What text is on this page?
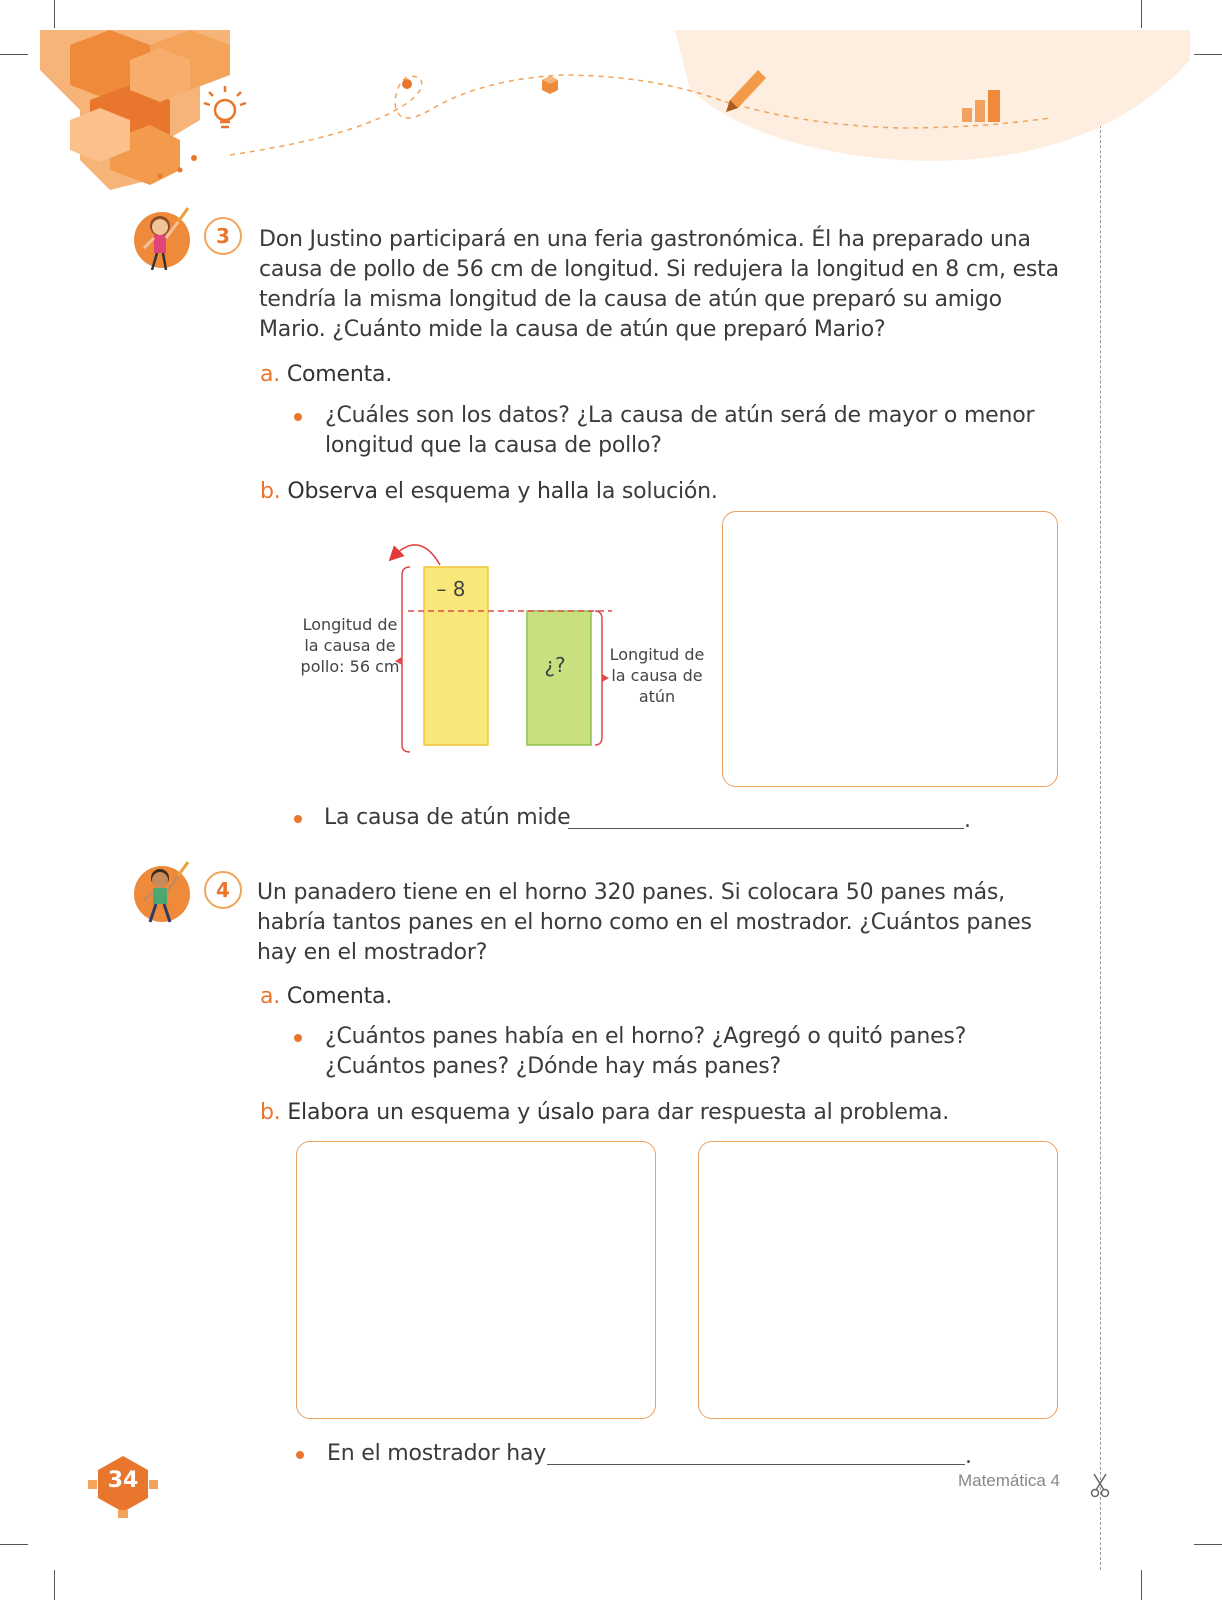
3	Don Justino participará en una feria gastronómica. Él ha preparado una causa de pollo de 56 cm de longitud. Si redujera la longitud en 8 cm, esta tendría la misma longitud de la causa de atún que preparó su amigo Mario. ¿Cuánto mide la causa de atún que preparó Mario?
a. Comenta.
¿Cuáles son los datos? ¿La causa de atún será de mayor o menor longitud que la causa de pollo?
b. Observa el esquema y halla la solución.
– 8
¿?
Longitud de la causa de pollo: 56 cm
Longitud de la causa de atún
La causa de atún mide	.
4	Un panadero tiene en el horno 320 panes. Si colocara 50 panes más, habría tantos panes en el horno como en el mostrador. ¿Cuántos panes hay en el mostrador?
a. Comenta.
¿Cuántos panes había en el horno? ¿Agregó o quitó panes? ¿Cuántos panes? ¿Dónde hay más panes?
b. Elabora un esquema y úsalo para dar respuesta al problema.
En el mostrador hay	.
34	Matemática 4
